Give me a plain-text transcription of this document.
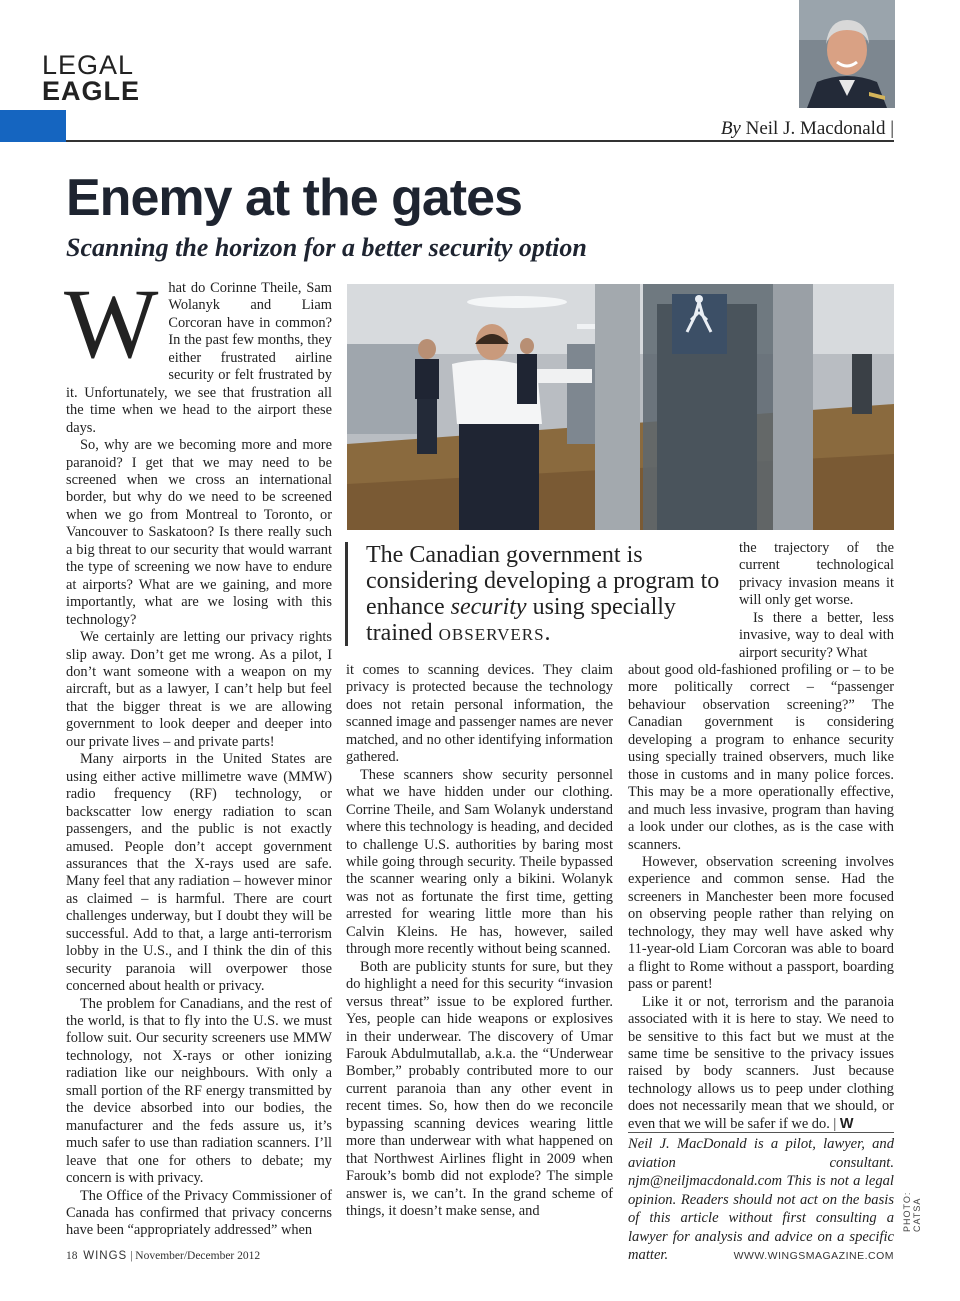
LEGAL
EAGLE
By Neil J. Macdonald |
Enemy at the gates
Scanning the horizon for a better security option

What do Corinne Theile, Sam Wolanyk and Liam Corcoran have in common? In the past few months, they either frustrated airline security or felt frustrated by it. Unfortunately, we see that frustration all the time when we head to the airport these days.

So, why are we becoming more and more paranoid? I get that we may need to be screened when we cross an international border, but why do we need to be screened when we go from Montreal to Toronto, or Vancouver to Saskatoon? Is there really such a big threat to our security that would warrant the type of screening we now have to endure at airports? What are we gaining, and more importantly, what are we losing with this technology?

We certainly are letting our privacy rights slip away. Don’t get me wrong. As a pilot, I don’t want someone with a weapon on my aircraft, but as a lawyer, I can’t help but feel that the bigger threat is we are allowing government to look deeper and deeper into our private lives – and private parts!

Many airports in the United States are using either active millimetre wave (MMW) radio frequency (RF) technology, or backscatter low energy radiation to scan passengers, and the public is not exactly amused. People don’t accept government assurances that the X-rays used are safe. Many feel that any radiation – however minor as claimed – is harmful. There are court challenges underway, but I doubt they will be successful. Add to that, a large anti-terrorism lobby in the U.S., and I think the din of this security paranoia will overpower those concerned about health or privacy.

The problem for Canadians, and the rest of the world, is that to fly into the U.S. we must follow suit. Our security screeners use MMW technology, not X-rays or other ionizing radiation like our neighbours. With only a small portion of the RF energy transmitted by the device absorbed into our bodies, the manufacturer and the feds assure us, it’s much safer to use than radiation scanners. I’ll leave that one for others to debate; my concern is with privacy.

The Office of the Privacy Commissioner of Canada has confirmed that privacy concerns have been “appropriately addressed” when

The Canadian government is considering developing a program to enhance security using specially trained observers.

the trajectory of the current technological privacy invasion means it will only get worse.

Is there a better, less invasive, way to deal with airport security? What

it comes to scanning devices. They claim privacy is protected because the technology does not retain personal information, the scanned image and passenger names are never matched, and no other identifying information gathered.

These scanners show security personnel what we have hidden under our clothing. Corrine Theile, and Sam Wolanyk understand where this technology is heading, and decided to challenge U.S. authorities by baring most while going through security. Theile bypassed the scanner wearing only a bikini. Wolanyk was not as fortunate the first time, getting arrested for wearing little more than his Calvin Kleins. He has, however, sailed through more recently without being scanned.

Both are publicity stunts for sure, but they do highlight a need for this security “invasion versus threat” issue to be explored further. Yes, people can hide weapons or explosives in their underwear. The discovery of Umar Farouk Abdulmutallab, a.k.a. the “Underwear Bomber,” probably contributed more to our current paranoia than any other event in recent times. So, how then do we reconcile bypassing scanning devices wearing little more than underwear with what happened on that Northwest Airlines flight in 2009 when Farouk’s bomb did not explode? The simple answer is, we can’t. In the grand scheme of things, it doesn’t make sense, and

about good old-fashioned profiling or – to be more politically correct – “passenger behaviour observation screening?” The Canadian government is considering developing a program to enhance security using specially trained observers, much like those in customs and in many police forces. This may be a more operationally effective, and much less invasive, program than having a look under our clothes, as is the case with scanners.

However, observation screening involves experience and common sense. Had the screeners in Manchester been more focused on observing people rather than relying on technology, they may well have asked why 11-year-old Liam Corcoran was able to board a flight to Rome without a passport, boarding pass or parent!

Like it or not, terrorism and the paranoia associated with it is here to stay. We need to be sensitive to this fact but we must at the same time be sensitive to the privacy issues raised by body scanners. Just because technology allows us to peep under clothing does not necessarily mean that we should, or even that we will be safer if we do. | W

Neil J. MacDonald is a pilot, lawyer, and aviation consultant. njm@neiljmacdonald.com This is not a legal opinion. Readers should not act on the basis of this article without first consulting a lawyer for analysis and advice on a specific matter.
PHOTO: CATSA
18 WINGS | November/December 2012	WWW.WINGSMAGAZINE.COM
